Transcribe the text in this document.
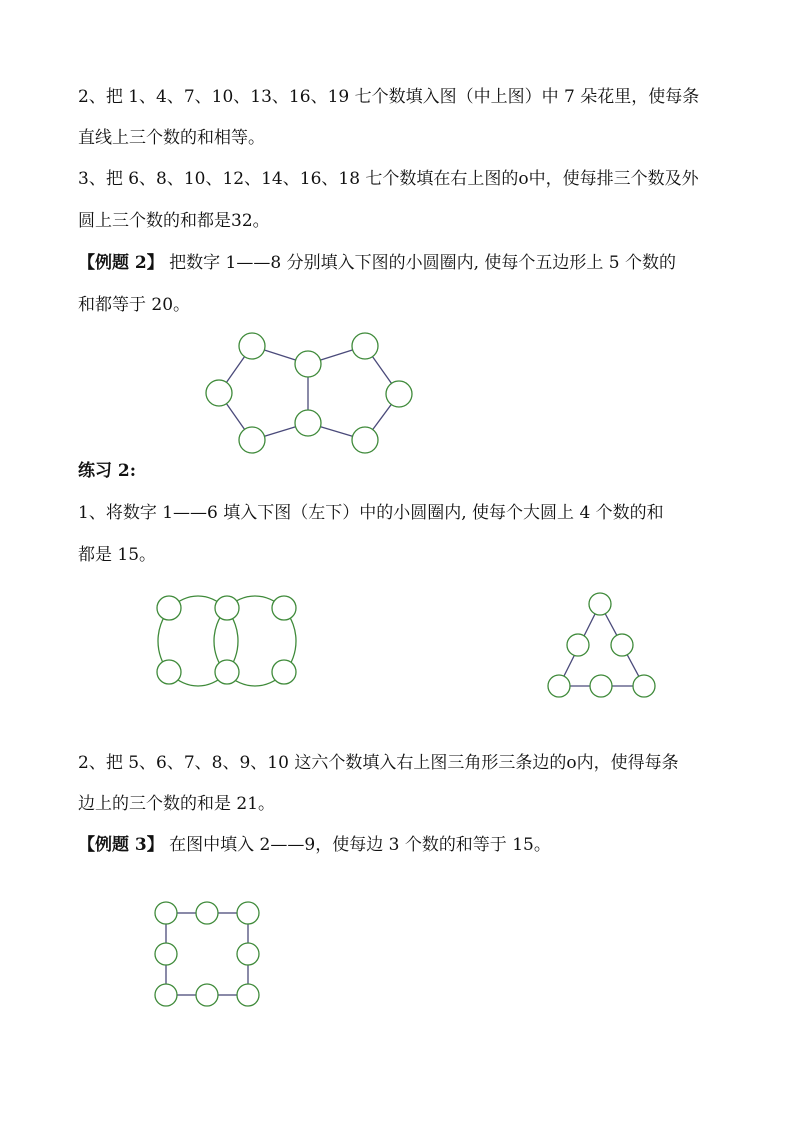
2、把 1、4、7、10、13、16、19 七个数填入图（中上图）中 7 朵花里，使每条
直线上三个数的和相等。
3、把 6、8、10、12、14、16、18 七个数填在右上图的o中，使每排三个数及外
圆上三个数的和都是32。
【例题 2】 把数字 1——8 分别填入下图的小圆圈内, 使每个五边形上 5 个数的
和都等于 20。
练习 2:
1、将数字 1——6 填入下图（左下）中的小圆圈内, 使每个大圆上 4 个数的和
都是 15。
2、把 5、6、7、8、9、10 这六个数填入右上图三角形三条边的o内，使得每条
边上的三个数的和是 21。
【例题 3】 在图中填入 2——9，使每边 3 个数的和等于 15。
